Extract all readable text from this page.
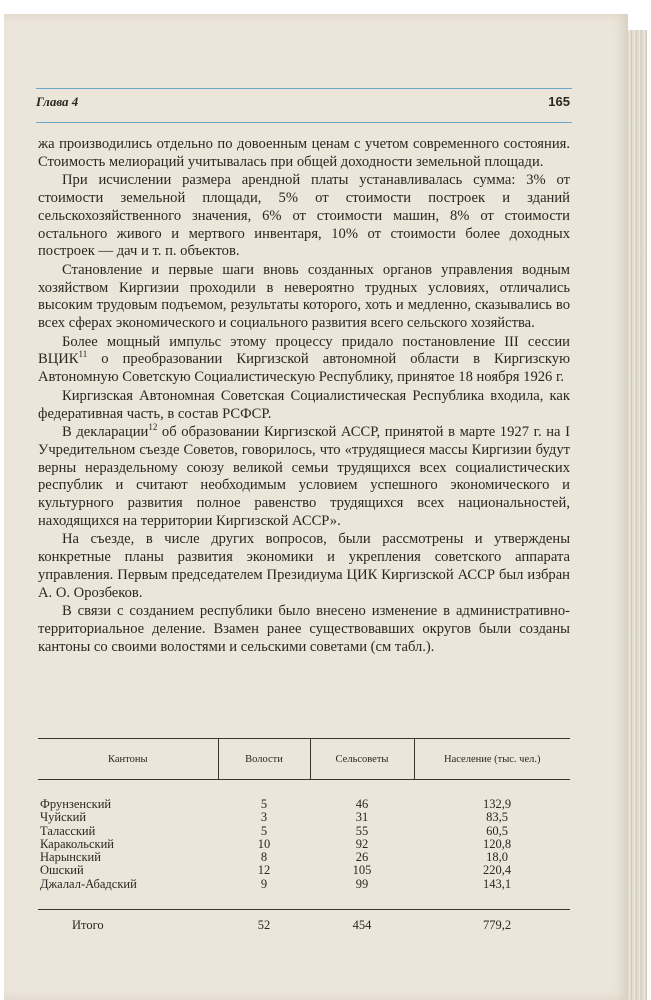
Глава 4	165

жа производились отдельно по довоенным ценам с учетом современного состояния. Стоимость мелиораций учитывалась при общей доходности земельной площади.

При исчислении размера арендной платы устанавливалась сумма: 3% от стоимости земельной площади, 5% от стоимости построек и зданий сельскохозяйственного значения, 6% от стоимости машин, 8% от стоимости остального живого и мертвого инвентаря, 10% от стоимости более доходных построек — дач и т. п. объектов.

Становление и первые шаги вновь созданных органов управления водным хозяйством Киргизии проходили в невероятно трудных условиях, отличались высоким трудовым подъемом, результаты которого, хоть и медленно, сказывались во всех сферах экономического и социального развития всего сельского хозяйства.

Более мощный импульс этому процессу придало постановление III сессии ВЦИК$^{11}$ о преобразовании Киргизской автономной области в Киргизскую Автономную Советскую Социалистическую Республику, принятое 18 ноября 1926 г.

Киргизская Автономная Советская Социалистическая Республика входила, как федеративная часть, в состав РСФСР.

В декларации$^{12}$ об образовании Киргизской АССР, принятой в марте 1927 г. на I Учредительном съезде Советов, говорилось, что «трудящиеся массы Киргизии будут верны нераздельному союзу великой семьи трудящихся всех социалистических республик и считают необходимым условием успешного экономического и культурного развития полное равенство трудящихся всех национальностей, находящихся на территории Киргизской АССР».

На съезде, в числе других вопросов, были рассмотрены и утверждены конкретные планы развития экономики и укрепления советского аппарата управления. Первым председателем Президиума ЦИК Киргизской АССР был избран А. О. Орозбеков.

В связи с созданием республики было внесено изменение в административно-территориальное деление. Взамен ранее существовавших округов были созданы кантоны со своими волостями и сельскими советами (см табл.).

Кантоны	Волости	Сельсоветы	Население (тыс. чел.)

Фрунзенский	5	46	132,9
Чуйский	3	31	83,5
Таласский	5	55	60,5
Каракольский	10	92	120,8
Нарынский	8	26	18,0
Ошский	12	105	220,4
Джалал-Абадский	9	99	143,1

Итого	52	454	779,2
